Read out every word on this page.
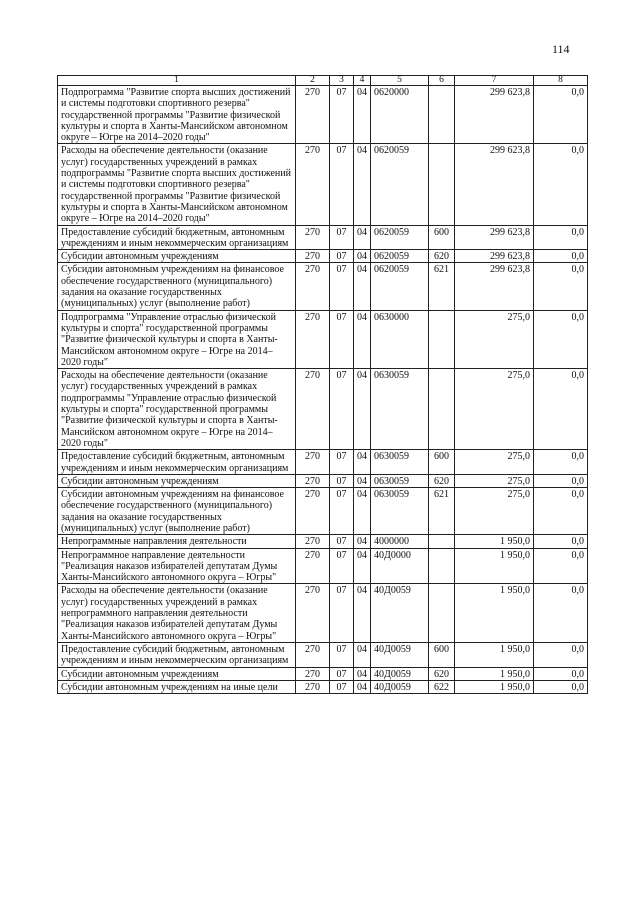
114
1	2	3	4	5	6	7	8
Подпрограмма "Развитие спорта высших достижений и системы подготовки спортивного резерва" государственной программы "Развитие физической культуры и спорта в Ханты-Мансийском автономном округе – Югре на 2014–2020 годы"	270	07	04	0620000		299 623,8	0,0
Расходы на обеспечение деятельности (оказание услуг) государственных учреждений в рамках подпрограммы "Развитие спорта высших достижений и системы подготовки спортивного резерва" государственной программы "Развитие физической культуры и спорта в Ханты-Мансийском автономном округе – Югре на 2014–2020 годы"	270	07	04	0620059		299 623,8	0,0
Предоставление субсидий бюджетным, автономным учреждениям и иным некоммерческим организациям	270	07	04	0620059	600	299 623,8	0,0
Субсидии автономным учреждениям	270	07	04	0620059	620	299 623,8	0,0
Субсидии автономным учреждениям на финансовое обеспечение государственного (муниципального) задания на оказание государственных (муниципальных) услуг (выполнение работ)	270	07	04	0620059	621	299 623,8	0,0
Подпрограмма "Управление отраслью физической культуры и спорта" государственной программы "Развитие физической культуры и спорта в Ханты-Мансийском автономном округе – Югре на 2014–2020 годы"	270	07	04	0630000		275,0	0,0
Расходы на обеспечение деятельности (оказание услуг) государственных учреждений в рамках подпрограммы "Управление отраслью физической культуры и спорта" государственной программы "Развитие физической культуры и спорта в Ханты-Мансийском автономном округе – Югре на 2014–2020 годы"	270	07	04	0630059		275,0	0,0
Предоставление субсидий бюджетным, автономным учреждениям и иным некоммерческим организациям	270	07	04	0630059	600	275,0	0,0
Субсидии автономным учреждениям	270	07	04	0630059	620	275,0	0,0
Субсидии автономным учреждениям на финансовое обеспечение государственного (муниципального) задания на оказание государственных (муниципальных) услуг (выполнение работ)	270	07	04	0630059	621	275,0	0,0
Непрограммные направления деятельности	270	07	04	4000000		1 950,0	0,0
Непрограммное направление деятельности "Реализация наказов избирателей депутатам Думы Ханты-Мансийского автономного округа – Югры"	270	07	04	40Д0000		1 950,0	0,0
Расходы на обеспечение деятельности (оказание услуг) государственных учреждений в рамках непрограммного направления деятельности "Реализация наказов избирателей депутатам Думы Ханты-Мансийского автономного округа – Югры"	270	07	04	40Д0059		1 950,0	0,0
Предоставление субсидий бюджетным, автономным учреждениям и иным некоммерческим организациям	270	07	04	40Д0059	600	1 950,0	0,0
Субсидии автономным учреждениям	270	07	04	40Д0059	620	1 950,0	0,0
Субсидии автономным учреждениям на иные цели	270	07	04	40Д0059	622	1 950,0	0,0
